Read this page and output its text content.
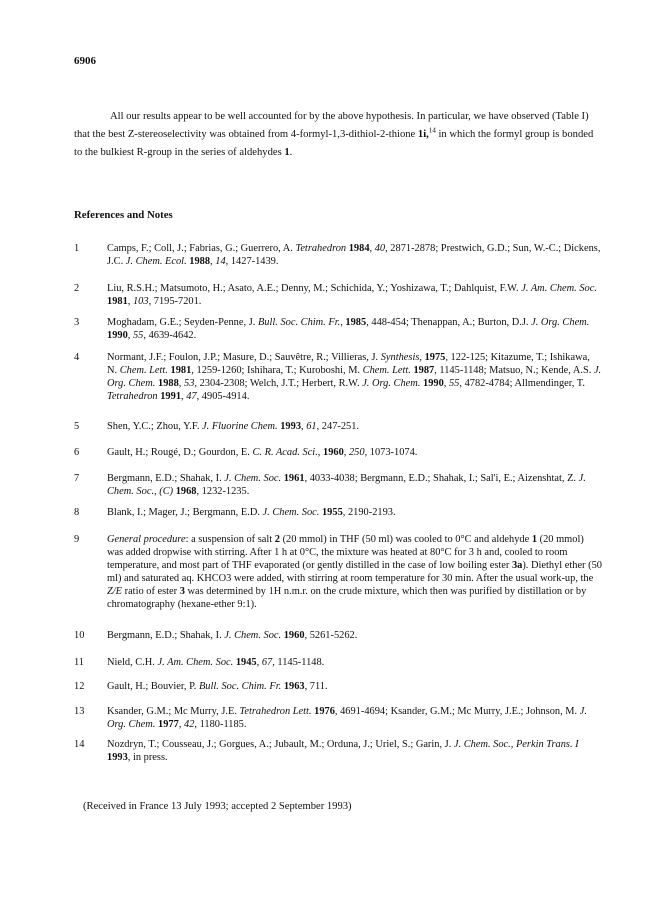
6906

All our results appear to be well accounted for by the above hypothesis. In particular, we have observed (Table I) that the best Z-stereoselectivity was obtained from 4-formyl-1,3-dithiol-2-thione 1i,$^{14}$ in which the formyl group is bonded to the bulkiest R-group in the series of aldehydes 1.

References and Notes
1	Camps, F.; Coll, J.; Fabrias, G.; Guerrero, A. Tetrahedron 1984, 40, 2871-2878; Prestwich, G.D.; Sun, W.-C.; Dickens, J.C. J. Chem. Ecol. 1988, 14, 1427-1439.
2	Liu, R.S.H.; Matsumoto, H.; Asato, A.E.; Denny, M.; Schichida, Y.; Yoshizawa, T.; Dahlquist, F.W. J. Am. Chem. Soc. 1981, 103, 7195-7201.
3	Moghadam, G.E.; Seyden-Penne, J. Bull. Soc. Chim. Fr., 1985, 448-454; Thenappan, A.; Burton, D.J. J. Org. Chem. 1990, 55, 4639-4642.
4	Normant, J.F.; Foulon, J.P.; Masure, D.; Sauvêtre, R.; Villieras, J. Synthesis, 1975, 122-125; Kitazume, T.; Ishikawa, N. Chem. Lett. 1981, 1259-1260; Ishihara, T.; Kuroboshi, M. Chem. Lett. 1987, 1145-1148; Matsuo, N.; Kende, A.S. J. Org. Chem. 1988, 53, 2304-2308; Welch, J.T.; Herbert, R.W. J. Org. Chem. 1990, 55, 4782-4784; Allmendinger, T. Tetrahedron 1991, 47, 4905-4914.
5	Shen, Y.C.; Zhou, Y.F. J. Fluorine Chem. 1993, 61, 247-251.
6	Gault, H.; Rougé, D.; Gourdon, E. C. R. Acad. Sci., 1960, 250, 1073-1074.
7	Bergmann, E.D.; Shahak, I. J. Chem. Soc. 1961, 4033-4038; Bergmann, E.D.; Shahak, I.; Sal'i, E.; Aizenshtat, Z. J. Chem. Soc., (C) 1968, 1232-1235.
8	Blank, I.; Mager, J.; Bergmann, E.D. J. Chem. Soc. 1955, 2190-2193.
9	General procedure: a suspension of salt 2 (20 mmol) in THF (50 ml) was cooled to 0°C and aldehyde 1 (20 mmol) was added dropwise with stirring. After 1 h at 0°C, the mixture was heated at 80°C for 3 h and, cooled to room temperature, and most part of THF evaporated (or gently distilled in the case of low boiling ester 3a). Diethyl ether (50 ml) and saturated aq. KHCO3 were added, with stirring at room temperature for 30 min. After the usual work-up, the Z/E ratio of ester 3 was determined by 1H n.m.r. on the crude mixture, which then was purified by distillation or by chromatography (hexane-ether 9:1).
10 Bergmann, E.D.; Shahak, I. J. Chem. Soc. 1960, 5261-5262.
11 Nield, C.H. J. Am. Chem. Soc. 1945, 67, 1145-1148.
12 Gault, H.; Bouvier, P. Bull. Soc. Chim. Fr. 1963, 711.
13 Ksander, G.M.; Mc Murry, J.E. Tetrahedron Lett. 1976, 4691-4694; Ksander, G.M.; Mc Murry, J.E.; Johnson, M. J. Org. Chem. 1977, 42, 1180-1185.
14 Nozdryn, T.; Cousseau, J.; Gorgues, A.; Jubault, M.; Orduna, J.; Uriel, S.; Garin, J. J. Chem. Soc., Perkin Trans. I 1993, in press.
(Received in France 13 July 1993; accepted 2 September 1993)
